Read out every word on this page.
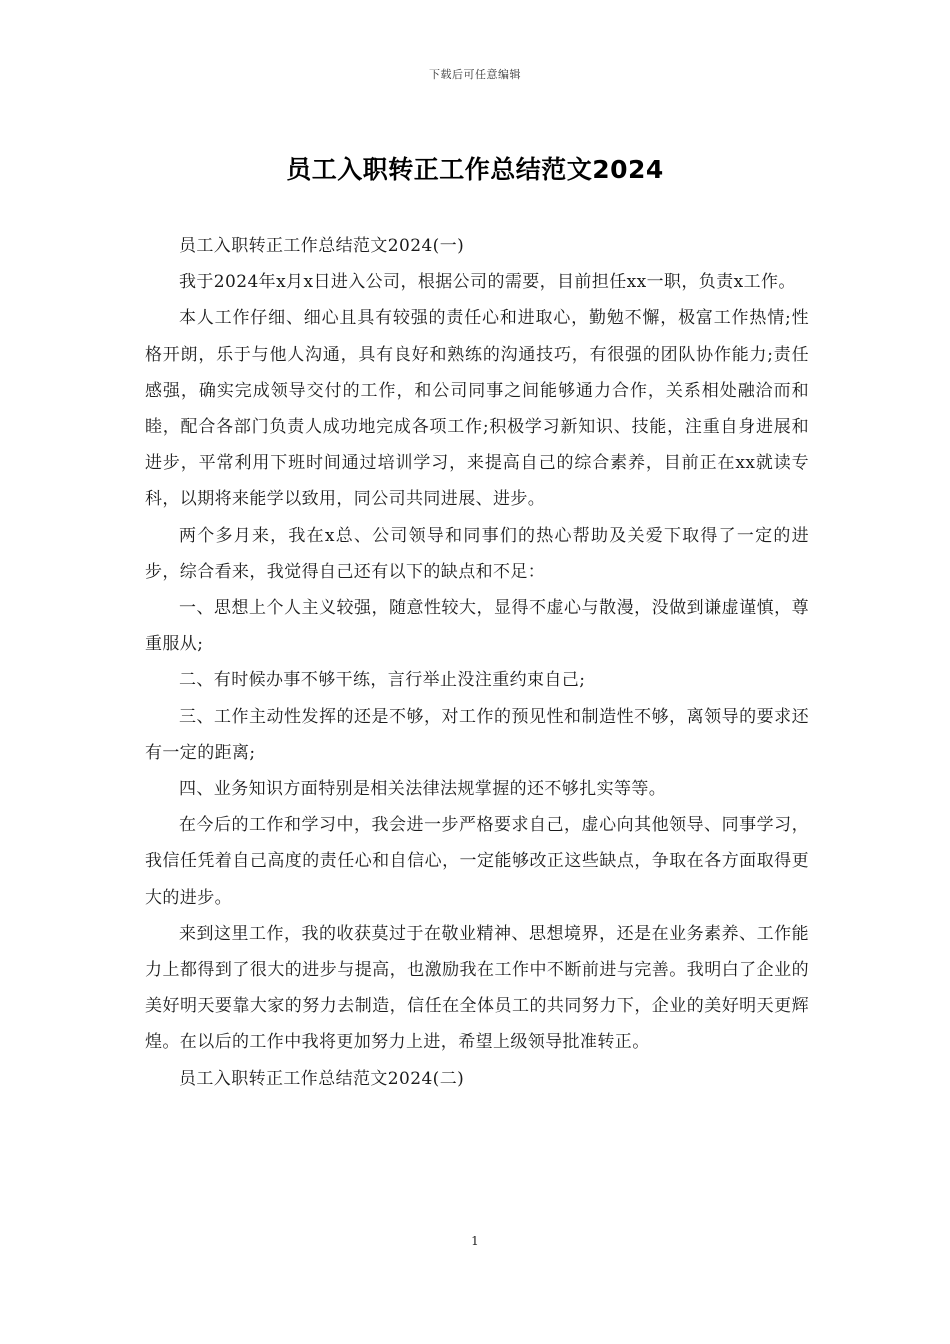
下载后可任意编辑
员工入职转正工作总结范文2024

员工入职转正工作总结范文2024(一)

我于2024年x月x日进入公司，根据公司的需要，目前担任xx一职，负责x工作。

本人工作仔细、细心且具有较强的责任心和进取心，勤勉不懈，极富工作热情;性格开朗，乐于与他人沟通，具有良好和熟练的沟通技巧，有很强的团队协作能力;责任感强，确实完成领导交付的工作，和公司同事之间能够通力合作，关系相处融洽而和睦，配合各部门负责人成功地完成各项工作;积极学习新知识、技能，注重自身进展和进步，平常利用下班时间通过培训学习，来提高自己的综合素养，目前正在xx就读专科，以期将来能学以致用，同公司共同进展、进步。

两个多月来，我在x总、公司领导和同事们的热心帮助及关爱下取得了一定的进步，综合看来，我觉得自己还有以下的缺点和不足：

一、思想上个人主义较强，随意性较大，显得不虚心与散漫，没做到谦虚谨慎，尊重服从;

二、有时候办事不够干练，言行举止没注重约束自己;

三、工作主动性发挥的还是不够，对工作的预见性和制造性不够，离领导的要求还有一定的距离;

四、业务知识方面特别是相关法律法规掌握的还不够扎实等等。

在今后的工作和学习中，我会进一步严格要求自己，虚心向其他领导、同事学习，我信任凭着自己高度的责任心和自信心，一定能够改正这些缺点，争取在各方面取得更大的进步。

来到这里工作，我的收获莫过于在敬业精神、思想境界，还是在业务素养、工作能力上都得到了很大的进步与提高，也激励我在工作中不断前进与完善。我明白了企业的美好明天要靠大家的努力去制造，信任在全体员工的共同努力下，企业的美好明天更辉煌。在以后的工作中我将更加努力上进，希望上级领导批准转正。

员工入职转正工作总结范文2024(二)

1
